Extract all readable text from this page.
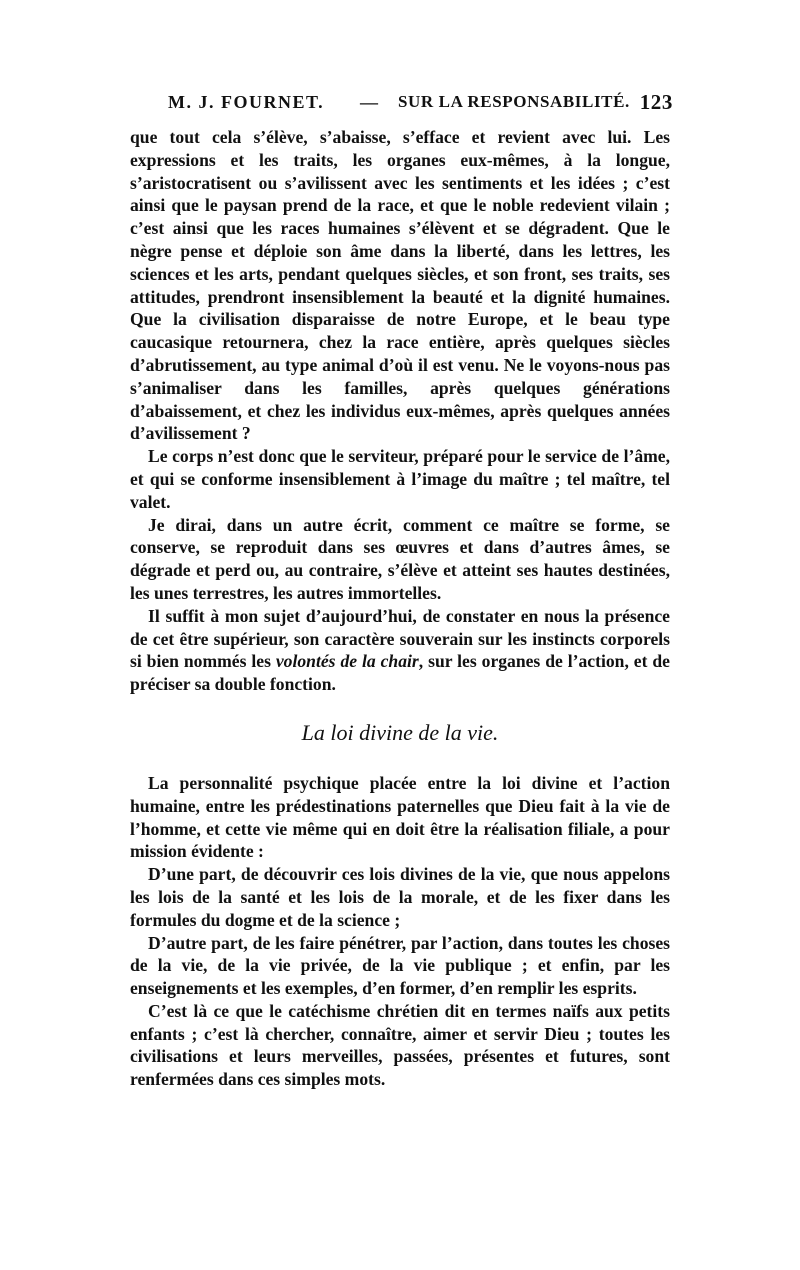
M. J. FOURNET. — SUR LA RESPONSABILITÉ. 123

que tout cela s’élève, s’abaisse, s’efface et revient avec lui. Les expressions et les traits, les organes eux-mêmes, à la longue, s’aristocratisent ou s’avilissent avec les sentiments et les idées ; c’est ainsi que le paysan prend de la race, et que le noble redevient vilain ; c’est ainsi que les races humaines s’élèvent et se dégradent. Que le nègre pense et déploie son âme dans la liberté, dans les lettres, les sciences et les arts, pendant quelques siècles, et son front, ses traits, ses attitudes, prendront insensiblement la beauté et la dignité humaines. Que la civilisation disparaisse de notre Europe, et le beau type caucasique retournera, chez la race entière, après quelques siècles d’abrutissement, au type animal d’où il est venu. Ne le voyons-nous pas s’animaliser dans les familles, après quelques générations d’abaissement, et chez les individus eux-mêmes, après quelques années d’avilissement ?

Le corps n’est donc que le serviteur, préparé pour le service de l’âme, et qui se conforme insensiblement à l’image du maître ; tel maître, tel valet.

Je dirai, dans un autre écrit, comment ce maître se forme, se conserve, se reproduit dans ses œuvres et dans d’autres âmes, se dégrade et perd ou, au contraire, s’élève et atteint ses hautes destinées, les unes terrestres, les autres immortelles.

Il suffit à mon sujet d’aujourd’hui, de constater en nous la présence de cet être supérieur, son caractère souverain sur les instincts corporels si bien nommés les volontés de la chair, sur les organes de l’action, et de préciser sa double fonction.

La loi divine de la vie.

La personnalité psychique placée entre la loi divine et l’action humaine, entre les prédestinations paternelles que Dieu fait à la vie de l’homme, et cette vie même qui en doit être la réalisation filiale, a pour mission évidente :

D’une part, de découvrir ces lois divines de la vie, que nous appelons les lois de la santé et les lois de la morale, et de les fixer dans les formules du dogme et de la science ;

D’autre part, de les faire pénétrer, par l’action, dans toutes les choses de la vie, de la vie privée, de la vie publique ; et enfin, par les enseignements et les exemples, d’en former, d’en remplir les esprits.

C’est là ce que le catéchisme chrétien dit en termes naïfs aux petits enfants ; c’est là chercher, connaître, aimer et servir Dieu ; toutes les civilisations et leurs merveilles, passées, présentes et futures, sont renfermées dans ces simples mots.
